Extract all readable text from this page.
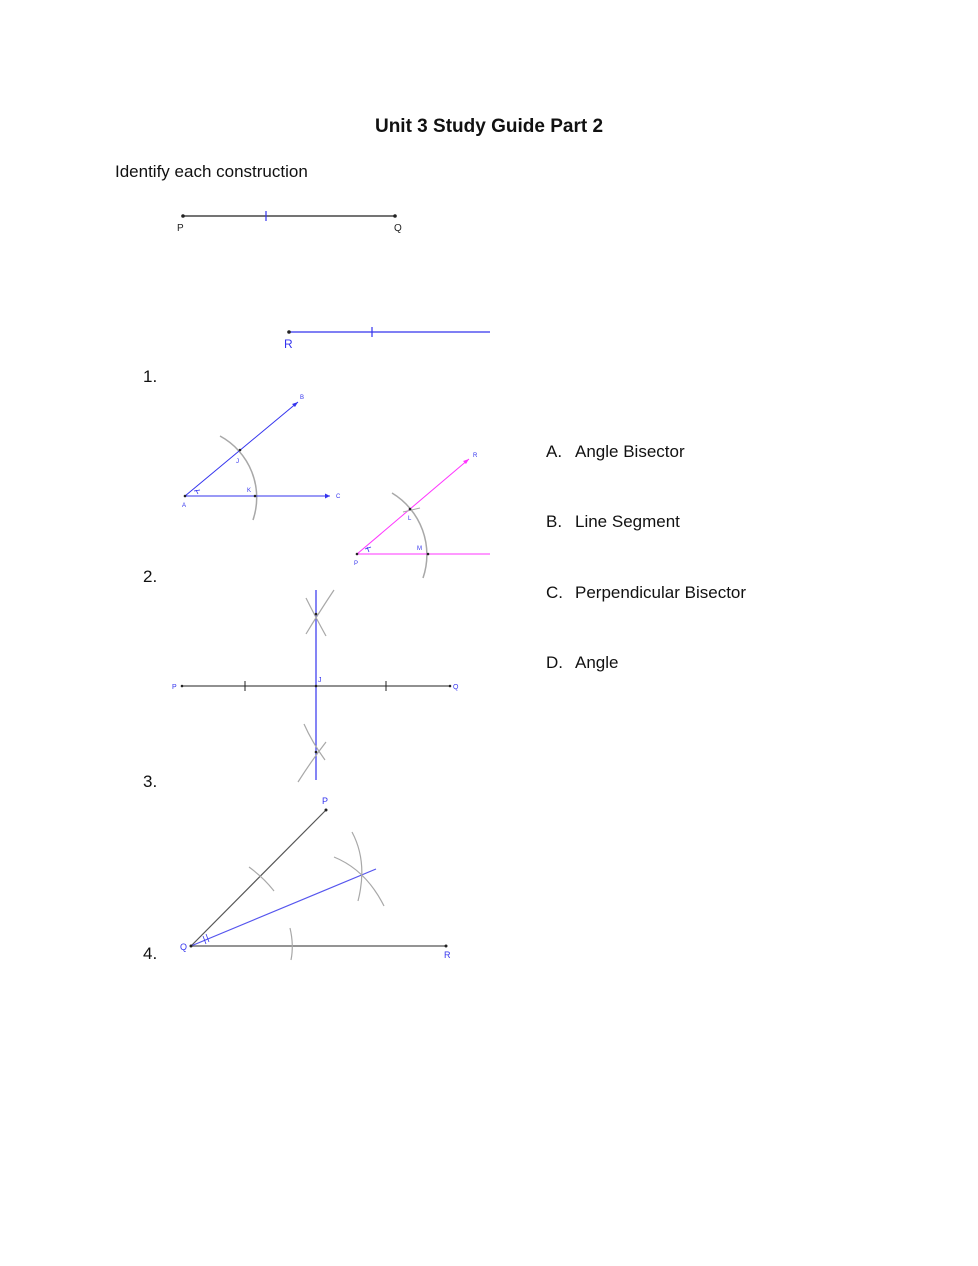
Unit 3 Study Guide Part 2
Identify each construction
1.
2.
3.
4.
A. Angle Bisector
B. Line Segment
C. Perpendicular Bisector
D. Angle
P	Q
R
B
J
A
K
C
R
L
P
M
P
J
Q
P
Q
R
